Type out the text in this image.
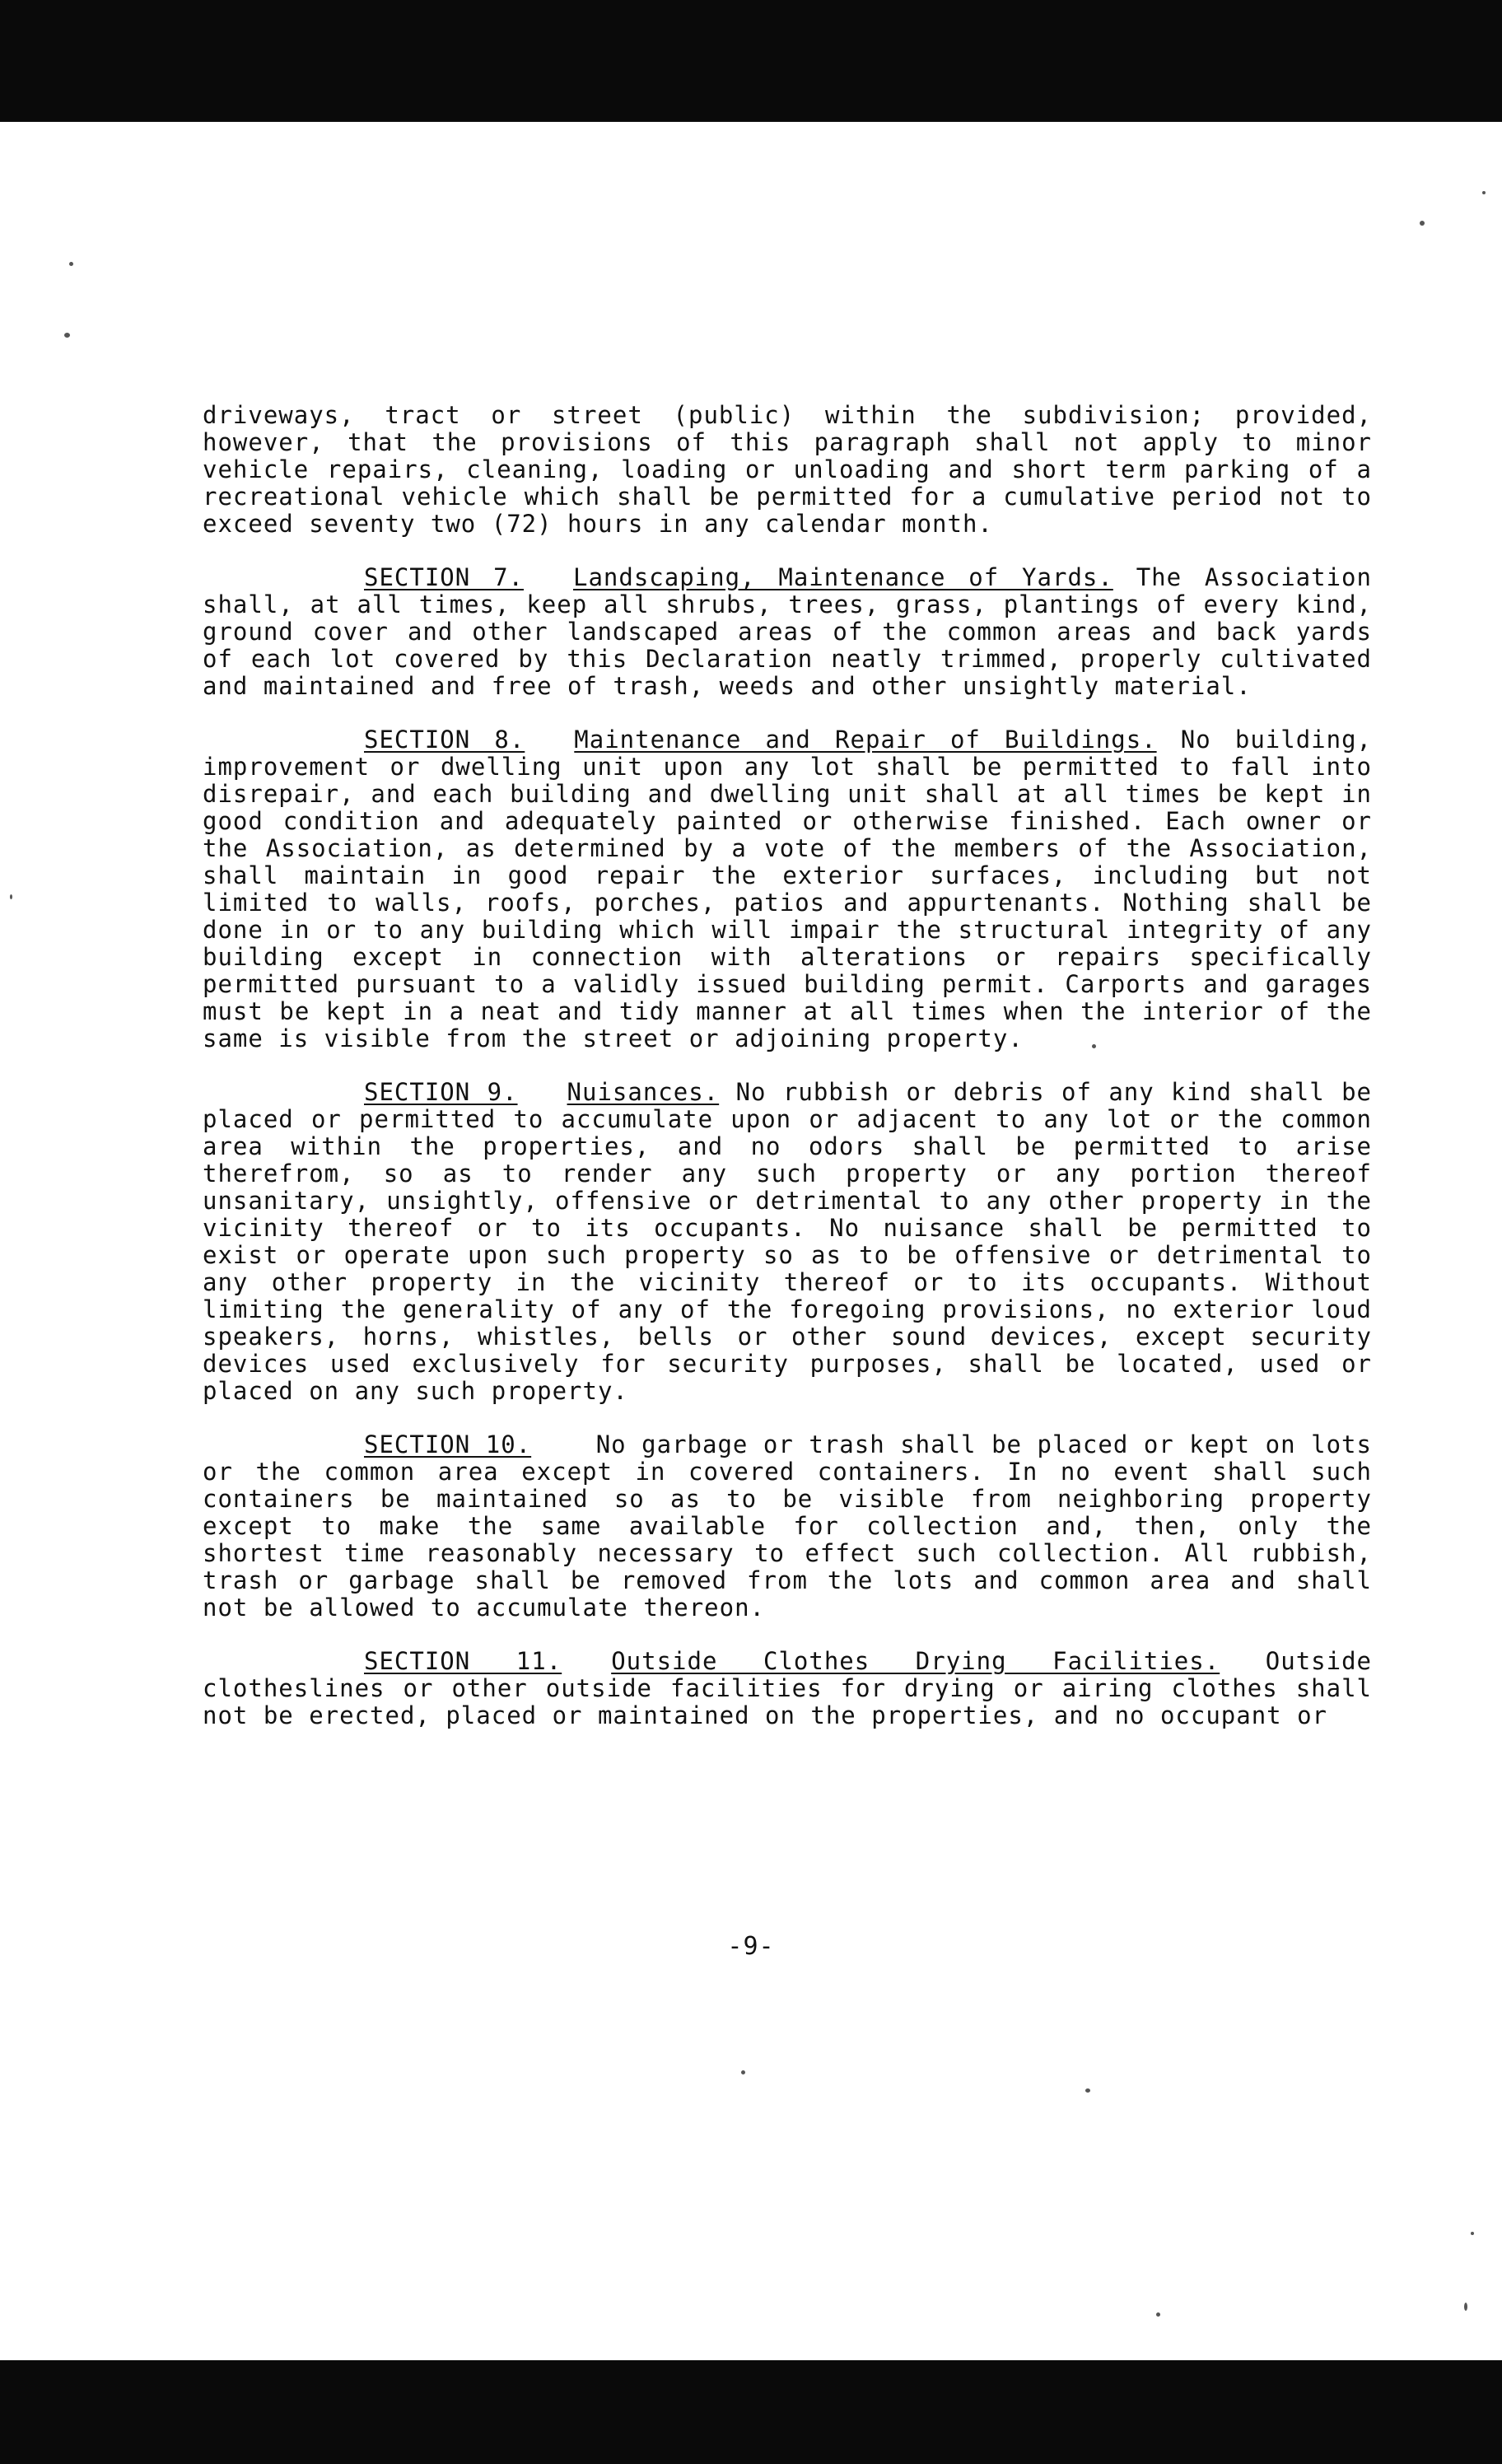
driveways, tract or street (public) within the subdivision; provided, however, that the provisions of this paragraph shall not apply to minor vehicle repairs, cleaning, loading or unloading and short term parking of a recreational vehicle which shall be permitted for a cumulative period not to exceed seventy two (72) hours in any calendar month.

SECTION 7. Landscaping, Maintenance of Yards. The Association shall, at all times, keep all shrubs, trees, grass, plantings of every kind, ground cover and other landscaped areas of the common areas and back yards of each lot covered by this Declaration neatly trimmed, properly cultivated and maintained and free of trash, weeds and other unsightly material.

SECTION 8. Maintenance and Repair of Buildings. No building, improvement or dwelling unit upon any lot shall be permitted to fall into disrepair, and each building and dwelling unit shall at all times be kept in good condition and adequately painted or otherwise finished. Each owner or the Association, as determined by a vote of the members of the Association, shall maintain in good repair the exterior surfaces, including but not limited to walls, roofs, porches, patios and appurtenants. Nothing shall be done in or to any building which will impair the structural integrity of any building except in connection with alterations or repairs specifically permitted pursuant to a validly issued building permit. Carports and garages must be kept in a neat and tidy manner at all times when the interior of the same is visible from the street or adjoining property.

SECTION 9. Nuisances. No rubbish or debris of any kind shall be placed or permitted to accumulate upon or adjacent to any lot or the common area within the properties, and no odors shall be permitted to arise therefrom, so as to render any such property or any portion thereof unsanitary, unsightly, offensive or detrimental to any other property in the vicinity thereof or to its occupants. No nuisance shall be permitted to exist or operate upon such property so as to be offensive or detrimental to any other property in the vicinity thereof or to its occupants. Without limiting the generality of any of the foregoing provisions, no exterior loud speakers, horns, whistles, bells or other sound devices, except security devices used exclusively for security purposes, shall be located, used or placed on any such property.

SECTION 10.	No garbage or trash shall be placed or kept on lots or the common area except in covered containers. In no event shall such containers be maintained so as to be visible from neighboring property except to make the same available for collection and, then, only the shortest time reasonably necessary to effect such collection. All rubbish, trash or garbage shall be removed from the lots and common area and shall not be allowed to accumulate thereon.

SECTION 11. Outside Clothes Drying Facilities. Outside clotheslines or other outside facilities for drying or airing clothes shall not be erected, placed or maintained on the properties, and no occupant or

-9-
